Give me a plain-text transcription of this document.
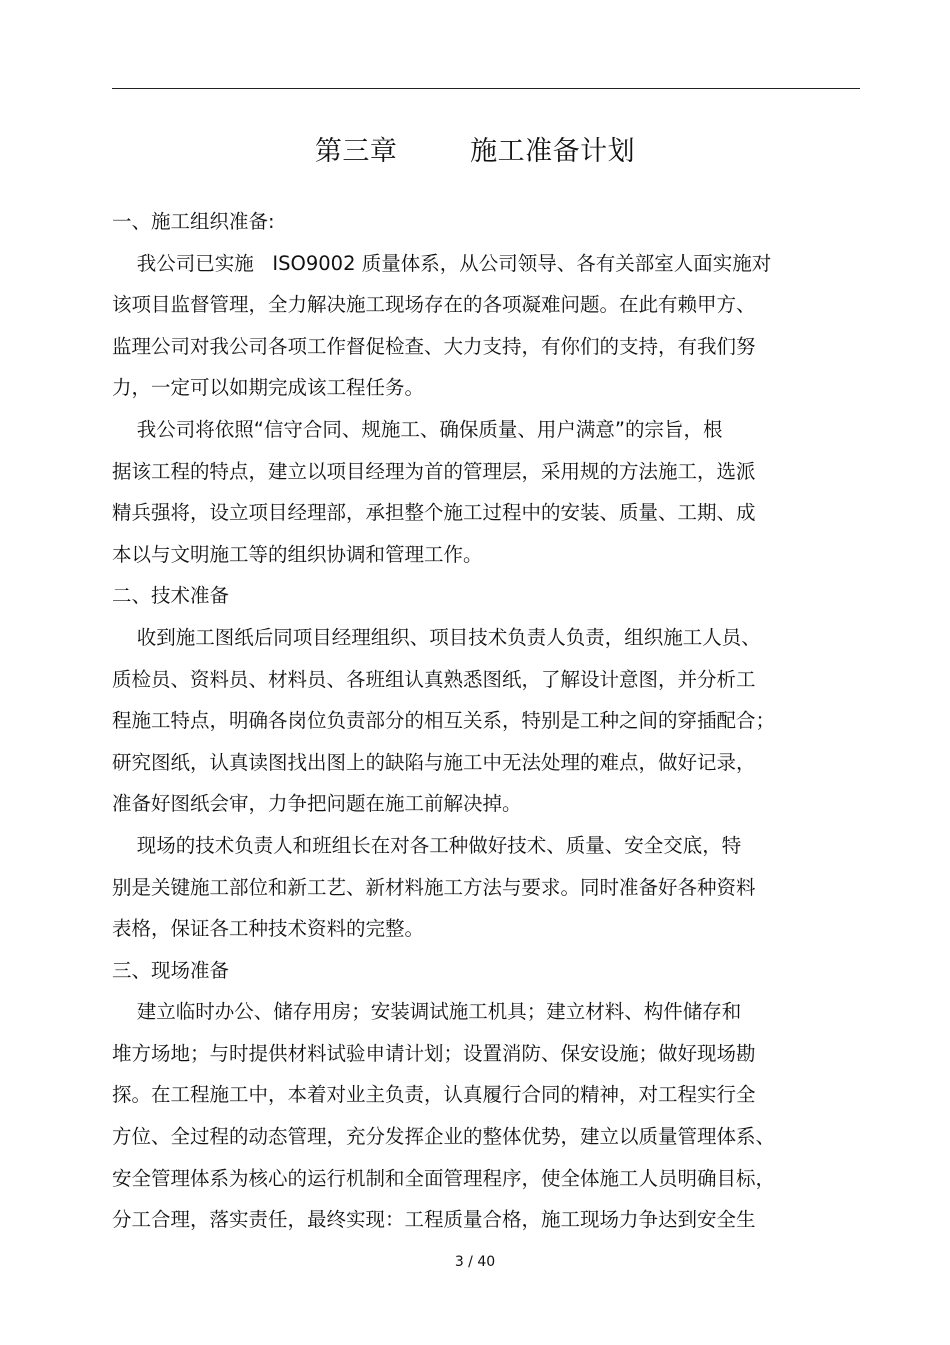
第三章        施工准备计划
一、施工组织准备:
我公司已实施   ISO9002 质量体系，从公司领导、各有关部室人面实施对
该项目监督管理，全力解决施工现场存在的各项凝难问题。在此有赖甲方、
监理公司对我公司各项工作督促检查、大力支持，有你们的支持，有我们努
力，一定可以如期完成该工程任务。
我公司将依照“信守合同、规施工、确保质量、用户满意”的宗旨，根
据该工程的特点，建立以项目经理为首的管理层，采用规的方法施工，选派
精兵强将，设立项目经理部，承担整个施工过程中的安装、质量、工期、成
本以与文明施工等的组织协调和管理工作。
二、技术准备
收到施工图纸后同项目经理组织、项目技术负责人负责，组织施工人员、
质检员、资料员、材料员、各班组认真熟悉图纸，了解设计意图，并分析工
程施工特点，明确各岗位负责部分的相互关系，特别是工种之间的穿插配合；
研究图纸，认真读图找出图上的缺陷与施工中无法处理的难点，做好记录，
准备好图纸会审，力争把问题在施工前解决掉。
现场的技术负责人和班组长在对各工种做好技术、质量、安全交底，特
别是关键施工部位和新工艺、新材料施工方法与要求。同时准备好各种资料
表格，保证各工种技术资料的完整。
三、现场准备
建立临时办公、储存用房；安装调试施工机具；建立材料、构件储存和
堆方场地；与时提供材料试验申请计划；设置消防、保安设施；做好现场勘
探。在工程施工中，本着对业主负责，认真履行合同的精神，对工程实行全
方位、全过程的动态管理，充分发挥企业的整体优势，建立以质量管理体系、
安全管理体系为核心的运行机制和全面管理程序，使全体施工人员明确目标，
分工合理，落实责任，最终实现：工程质量合格，施工现场力争达到安全生
3 / 40
